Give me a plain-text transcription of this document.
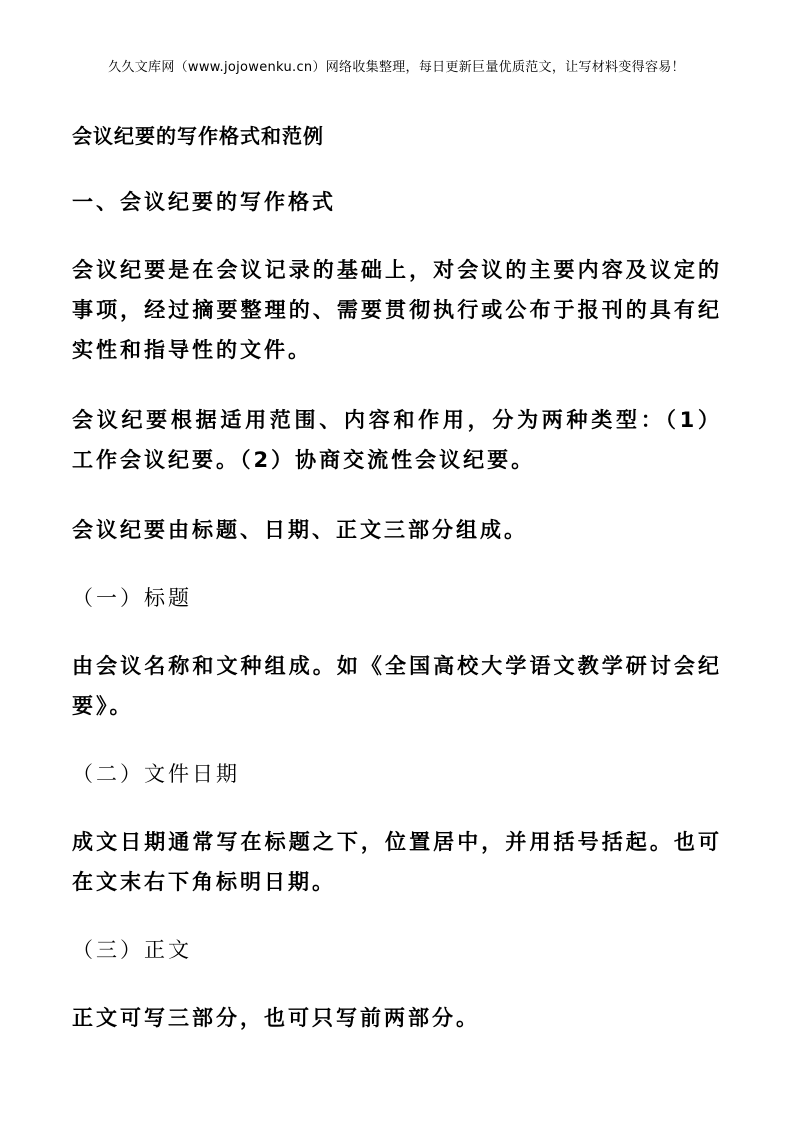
久久文库网（www.jojowenku.cn）网络收集整理，每日更新巨量优质范文，让写材料变得容易！
会议纪要的写作格式和范例
一、会议纪要的写作格式
会议纪要是在会议记录的基础上，对会议的主要内容及议定的事项，经过摘要整理的、需要贯彻执行或公布于报刊的具有纪实性和指导性的文件。
会议纪要根据适用范围、内容和作用，分为两种类型：（1）工作会议纪要。（2）协商交流性会议纪要。
会议纪要由标题、日期、正文三部分组成。
（一）标题
由会议名称和文种组成。如《全国高校大学语文教学研讨会纪要》。
（二）文件日期
成文日期通常写在标题之下，位置居中，并用括号括起。也可在文末右下角标明日期。
（三）正文
正文可写三部分，也可只写前两部分。
